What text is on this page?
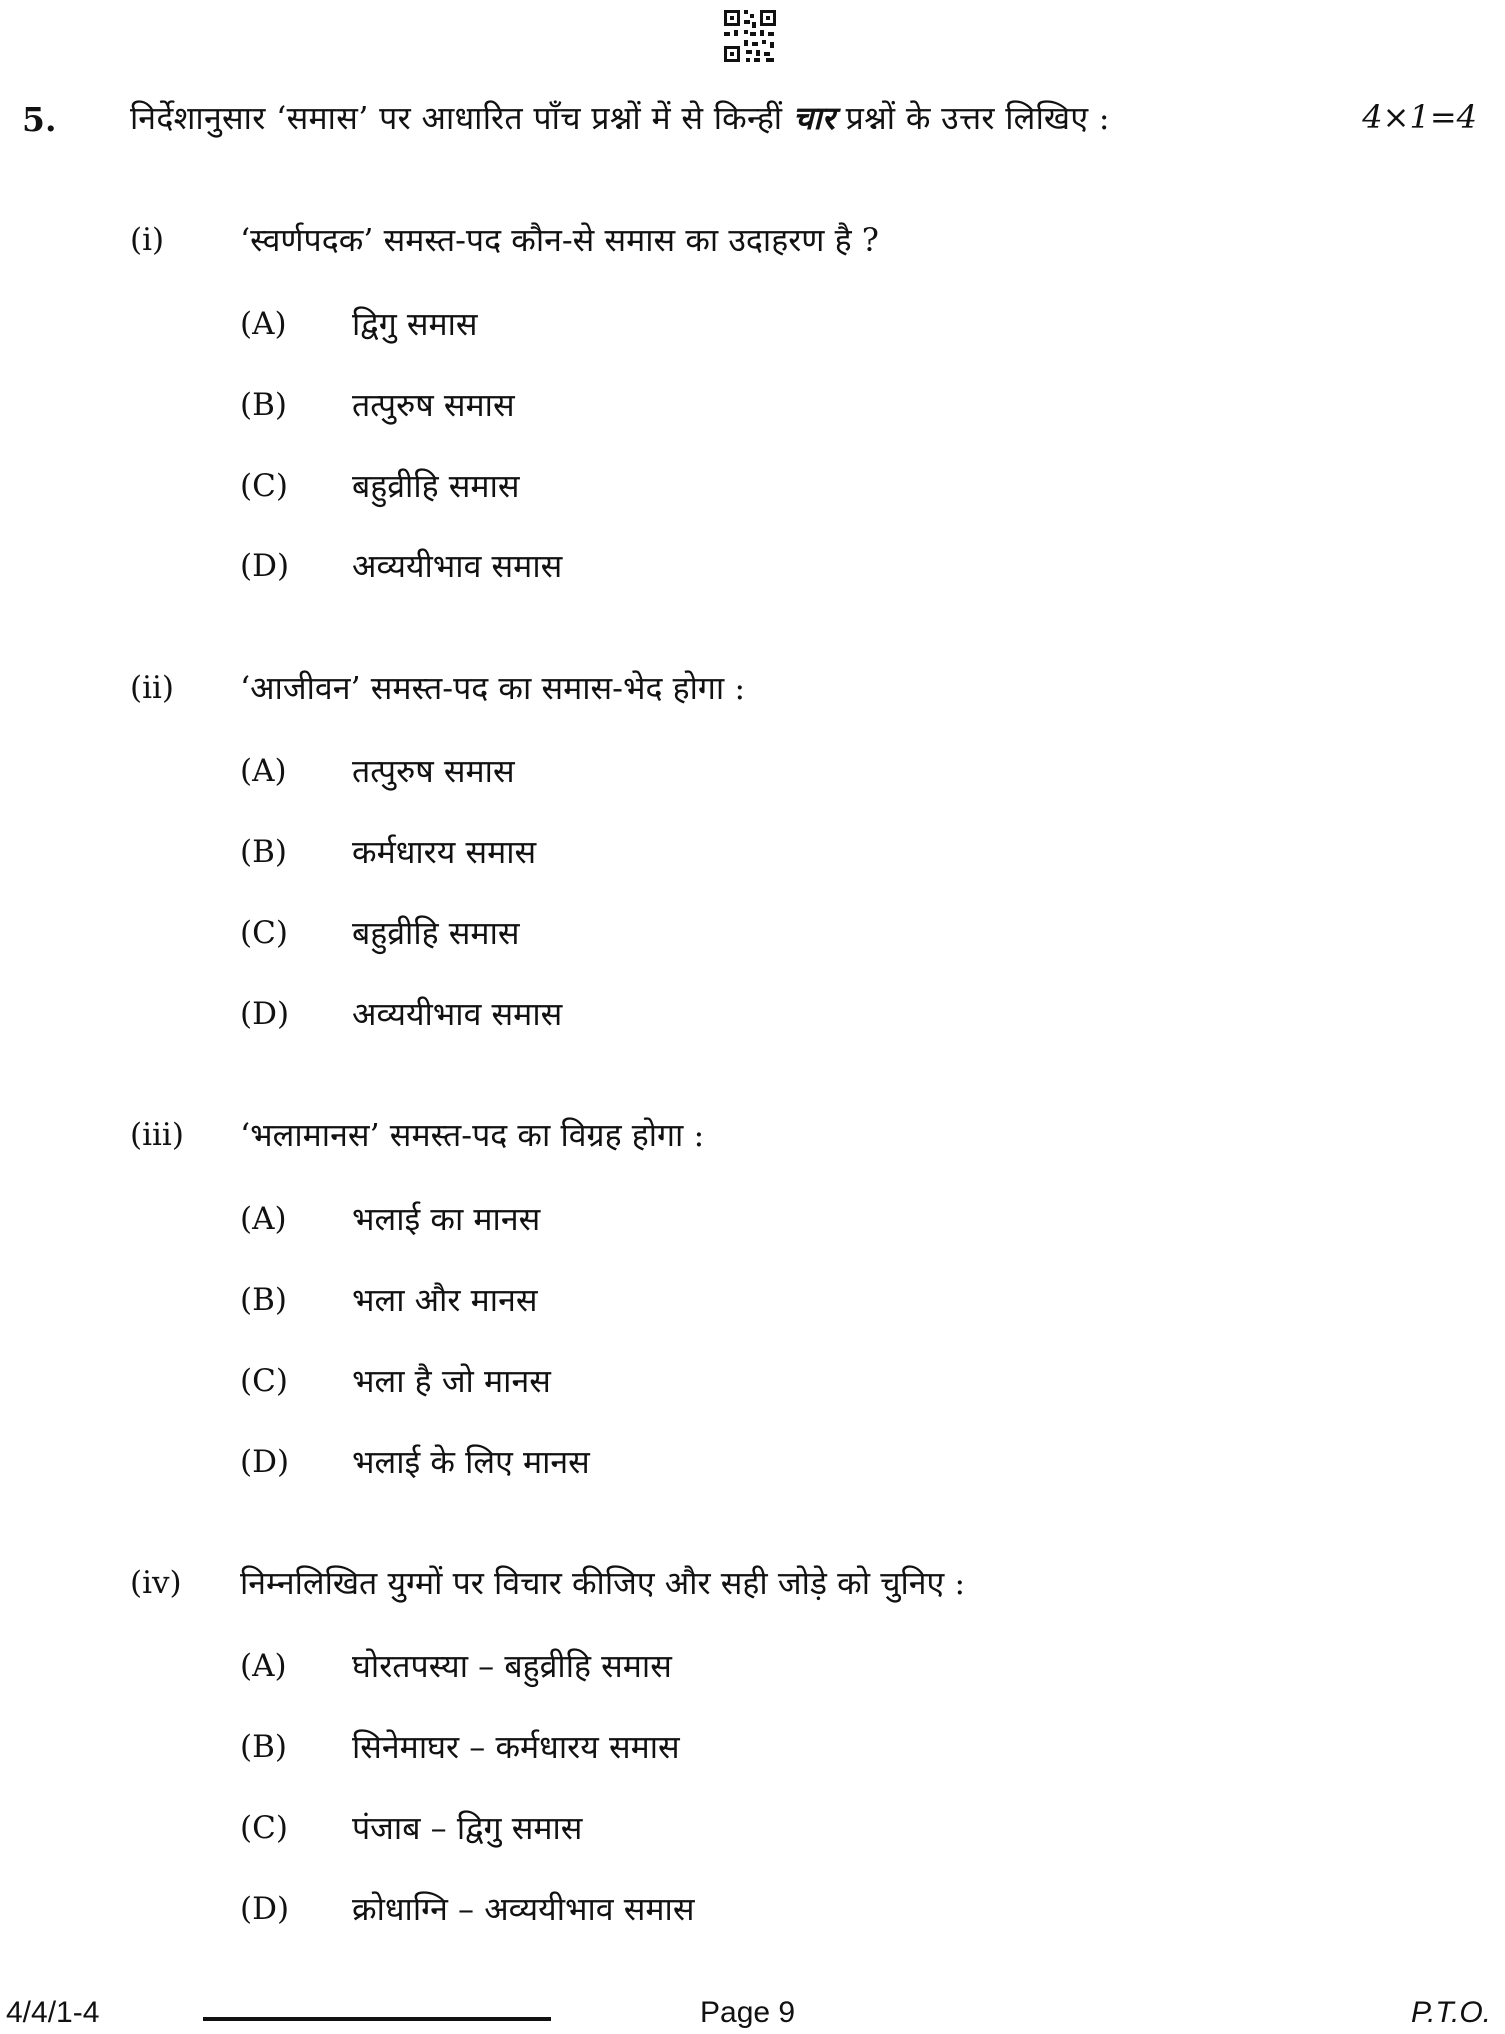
5. निर्देशानुसार ‘समास’ पर आधारित पाँच प्रश्नों में से किन्हीं चार प्रश्नों के उत्तर लिखिए :	4×1=4
(i) ‘स्वर्णपदक’ समस्त-पद कौन-से समास का उदाहरण है ?
(A) द्विगु समास
(B) तत्पुरुष समास
(C) बहुव्रीहि समास
(D) अव्ययीभाव समास
(ii) ‘आजीवन’ समस्त-पद का समास-भेद होगा :
(A) तत्पुरुष समास
(B) कर्मधारय समास
(C) बहुव्रीहि समास
(D) अव्ययीभाव समास
(iii) ‘भलामानस’ समस्त-पद का विग्रह होगा :
(A) भलाई का मानस
(B) भला और मानस
(C) भला है जो मानस
(D) भलाई के लिए मानस
(iv) निम्नलिखित युग्मों पर विचार कीजिए और सही जोड़े को चुनिए :
(A) घोरतपस्या – बहुव्रीहि समास
(B) सिनेमाघर – कर्मधारय समास
(C) पंजाब – द्विगु समास
(D) क्रोधाग्नि – अव्ययीभाव समास
4/4/1-4	Page 9	P.T.O.
